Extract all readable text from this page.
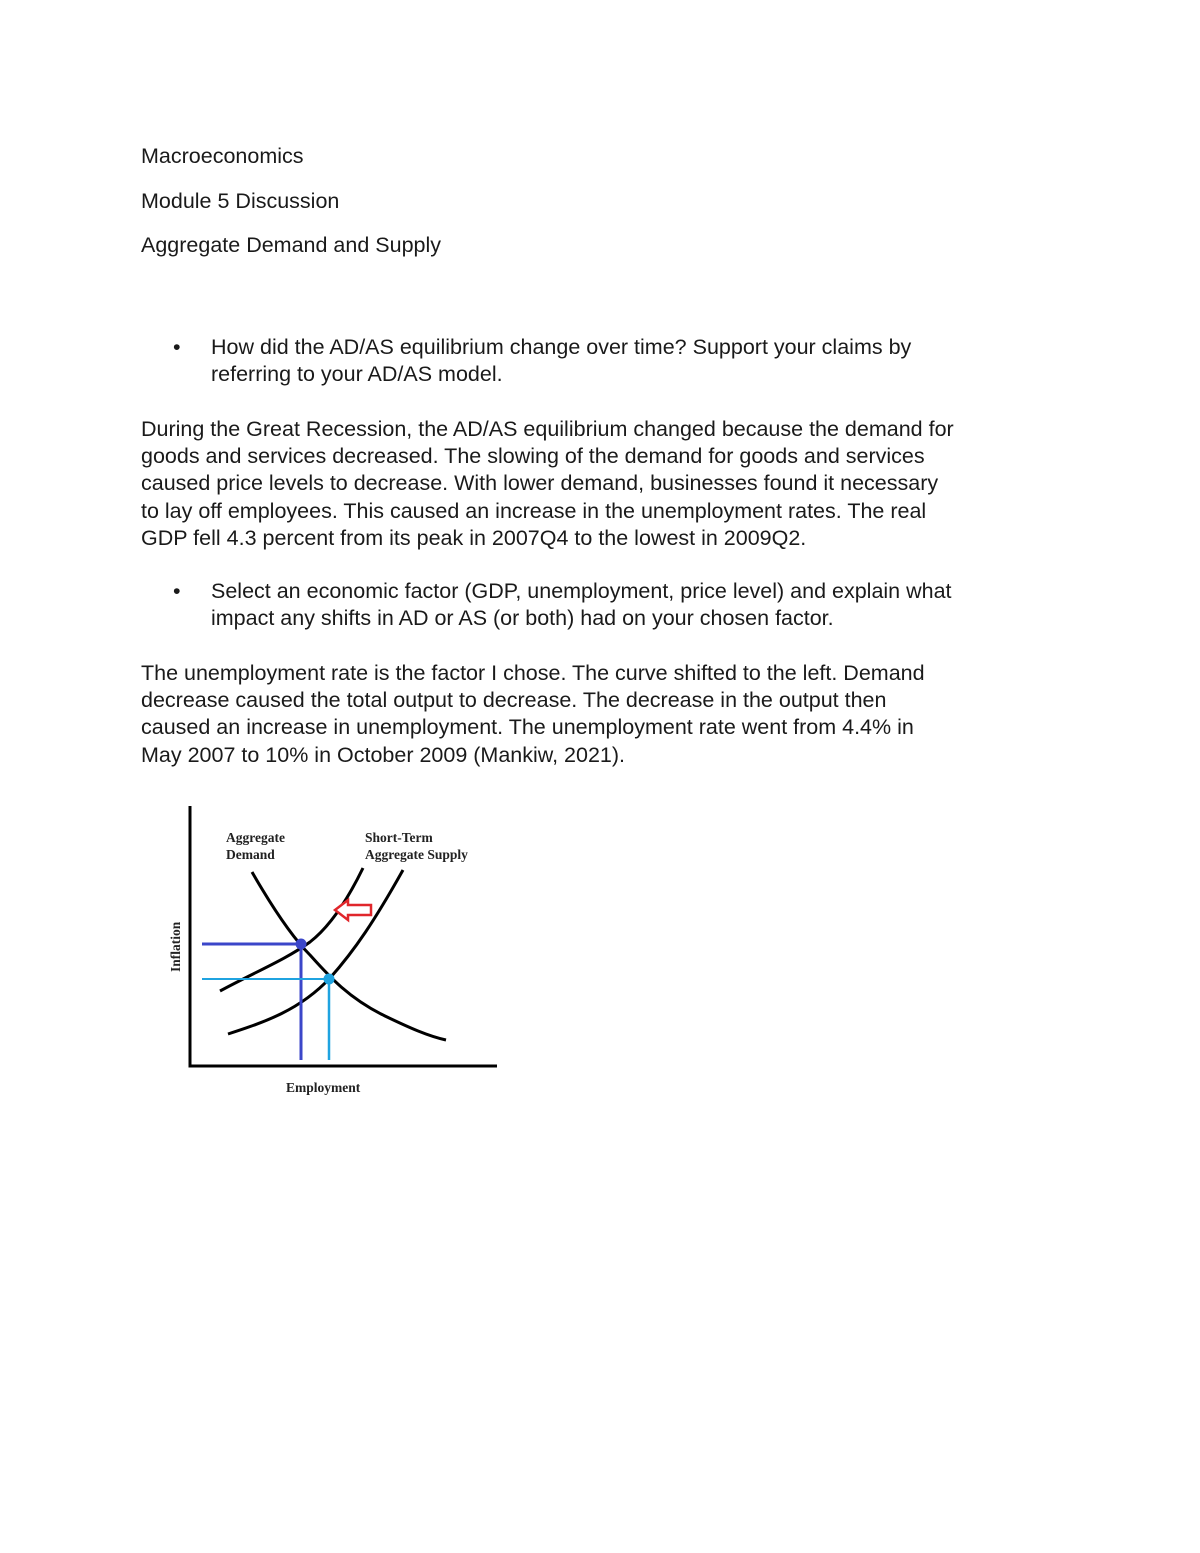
Macroeconomics
Module 5 Discussion
Aggregate Demand and Supply
• How did the AD/AS equilibrium change over time? Support your claims by
referring to your AD/AS model.
During the Great Recession, the AD/AS equilibrium changed because the demand for
goods and services decreased. The slowing of the demand for goods and services
caused price levels to decrease. With lower demand, businesses found it necessary
to lay off employees. This caused an increase in the unemployment rates. The real
GDP fell 4.3 percent from its peak in 2007Q4 to the lowest in 2009Q2.
• Select an economic factor (GDP, unemployment, price level) and explain what
impact any shifts in AD or AS (or both) had on your chosen factor.
The unemployment rate is the factor I chose. The curve shifted to the left. Demand
decrease caused the total output to decrease. The decrease in the output then
caused an increase in unemployment. The unemployment rate went from 4.4% in
May 2007 to 10% in October 2009 (Mankiw, 2021).
Aggregate
Demand
Short-Term
Aggregate Supply
Inflation
Employment
